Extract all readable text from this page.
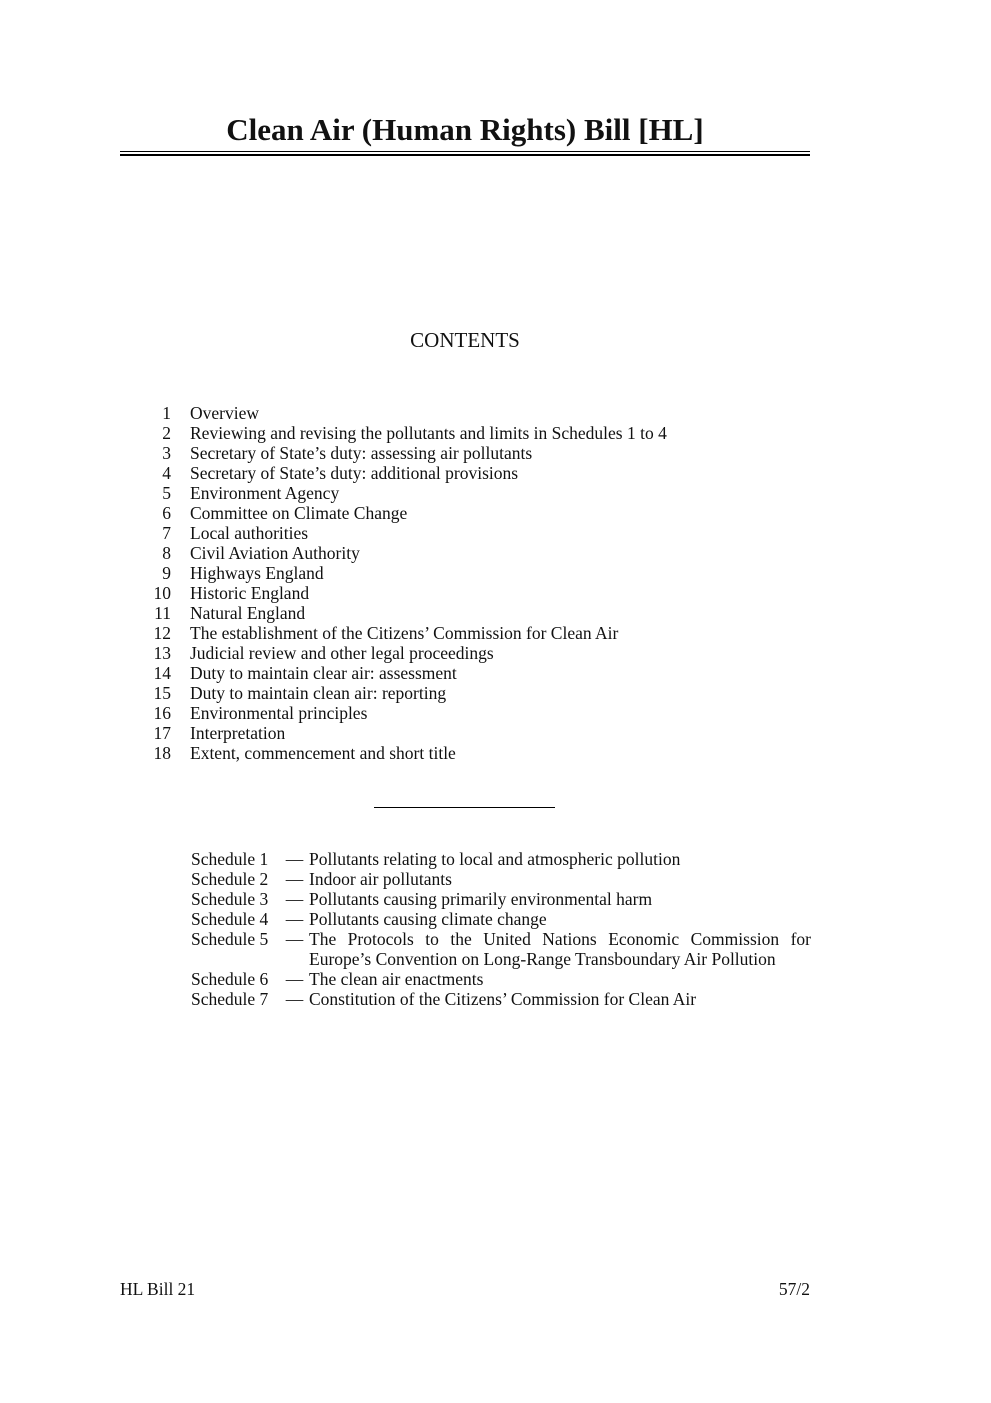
Clean Air (Human Rights) Bill [HL]
CONTENTS
1	Overview
2	Reviewing and revising the pollutants and limits in Schedules 1 to 4
3	Secretary of State’s duty: assessing air pollutants
4	Secretary of State’s duty: additional provisions
5	Environment Agency
6	Committee on Climate Change
7	Local authorities
8	Civil Aviation Authority
9	Highways England
10	Historic England
11	Natural England
12	The establishment of the Citizens’ Commission for Clean Air
13	Judicial review and other legal proceedings
14	Duty to maintain clear air: assessment
15	Duty to maintain clean air: reporting
16	Environmental principles
17	Interpretation
18	Extent, commencement and short title
Schedule 1 — Pollutants relating to local and atmospheric pollution
Schedule 2 — Indoor air pollutants
Schedule 3 — Pollutants causing primarily environmental harm
Schedule 4 — Pollutants causing climate change
Schedule 5 — The Protocols to the United Nations Economic Commission for Europe’s Convention on Long-Range Transboundary Air Pollution
Schedule 6 — The clean air enactments
Schedule 7 — Constitution of the Citizens’ Commission for Clean Air
HL Bill 21	57/2
